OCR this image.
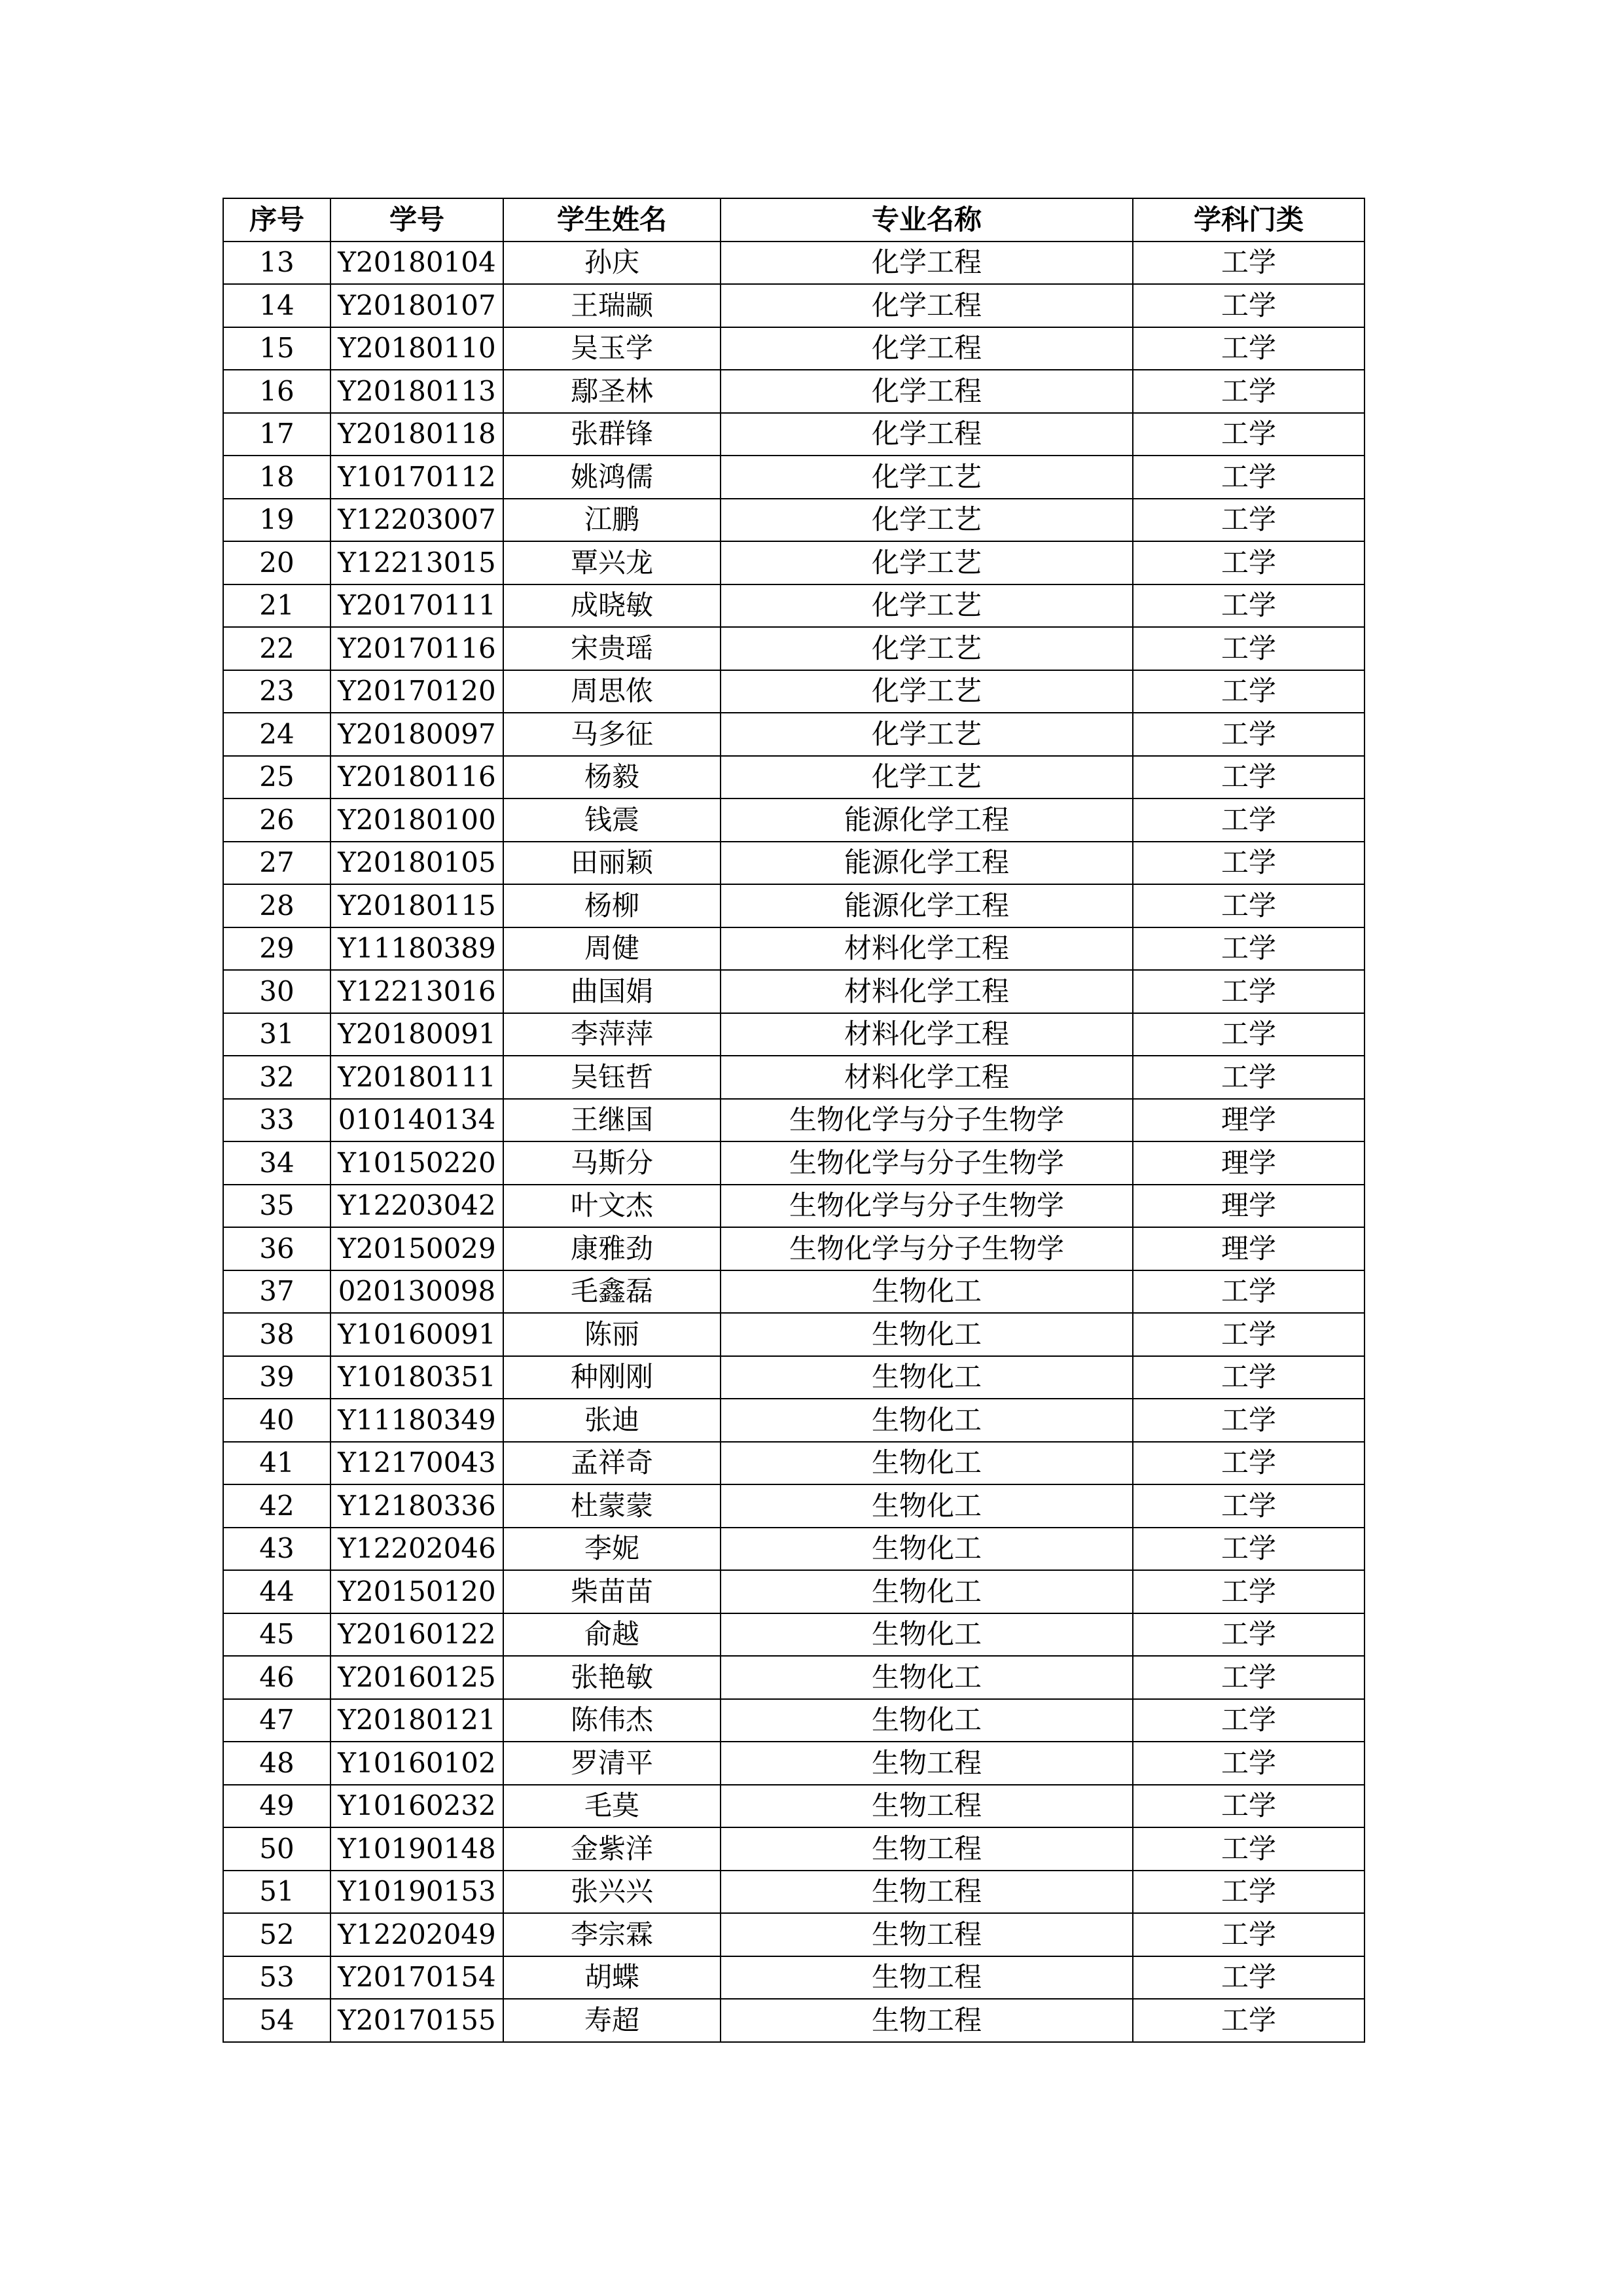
序号	学号	学生姓名	专业名称	学科门类
13	Y20180104	孙庆	化学工程	工学
14	Y20180107	王瑞颛	化学工程	工学
15	Y20180110	吴玉学	化学工程	工学
16	Y20180113	鄢圣林	化学工程	工学
17	Y20180118	张群锋	化学工程	工学
18	Y10170112	姚鸿儒	化学工艺	工学
19	Y12203007	江鹏	化学工艺	工学
20	Y12213015	覃兴龙	化学工艺	工学
21	Y20170111	成晓敏	化学工艺	工学
22	Y20170116	宋贵瑶	化学工艺	工学
23	Y20170120	周思侬	化学工艺	工学
24	Y20180097	马多征	化学工艺	工学
25	Y20180116	杨毅	化学工艺	工学
26	Y20180100	钱震	能源化学工程	工学
27	Y20180105	田丽颖	能源化学工程	工学
28	Y20180115	杨柳	能源化学工程	工学
29	Y11180389	周健	材料化学工程	工学
30	Y12213016	曲国娟	材料化学工程	工学
31	Y20180091	李萍萍	材料化学工程	工学
32	Y20180111	吴钰哲	材料化学工程	工学
33	010140134	王继国	生物化学与分子生物学	理学
34	Y10150220	马斯分	生物化学与分子生物学	理学
35	Y12203042	叶文杰	生物化学与分子生物学	理学
36	Y20150029	康雅劲	生物化学与分子生物学	理学
37	020130098	毛鑫磊	生物化工	工学
38	Y10160091	陈丽	生物化工	工学
39	Y10180351	种刚刚	生物化工	工学
40	Y11180349	张迪	生物化工	工学
41	Y12170043	孟祥奇	生物化工	工学
42	Y12180336	杜蒙蒙	生物化工	工学
43	Y12202046	李妮	生物化工	工学
44	Y20150120	柴苗苗	生物化工	工学
45	Y20160122	俞越	生物化工	工学
46	Y20160125	张艳敏	生物化工	工学
47	Y20180121	陈伟杰	生物化工	工学
48	Y10160102	罗清平	生物工程	工学
49	Y10160232	毛莫	生物工程	工学
50	Y10190148	金紫洋	生物工程	工学
51	Y10190153	张兴兴	生物工程	工学
52	Y12202049	李宗霖	生物工程	工学
53	Y20170154	胡蝶	生物工程	工学
54	Y20170155	寿超	生物工程	工学
